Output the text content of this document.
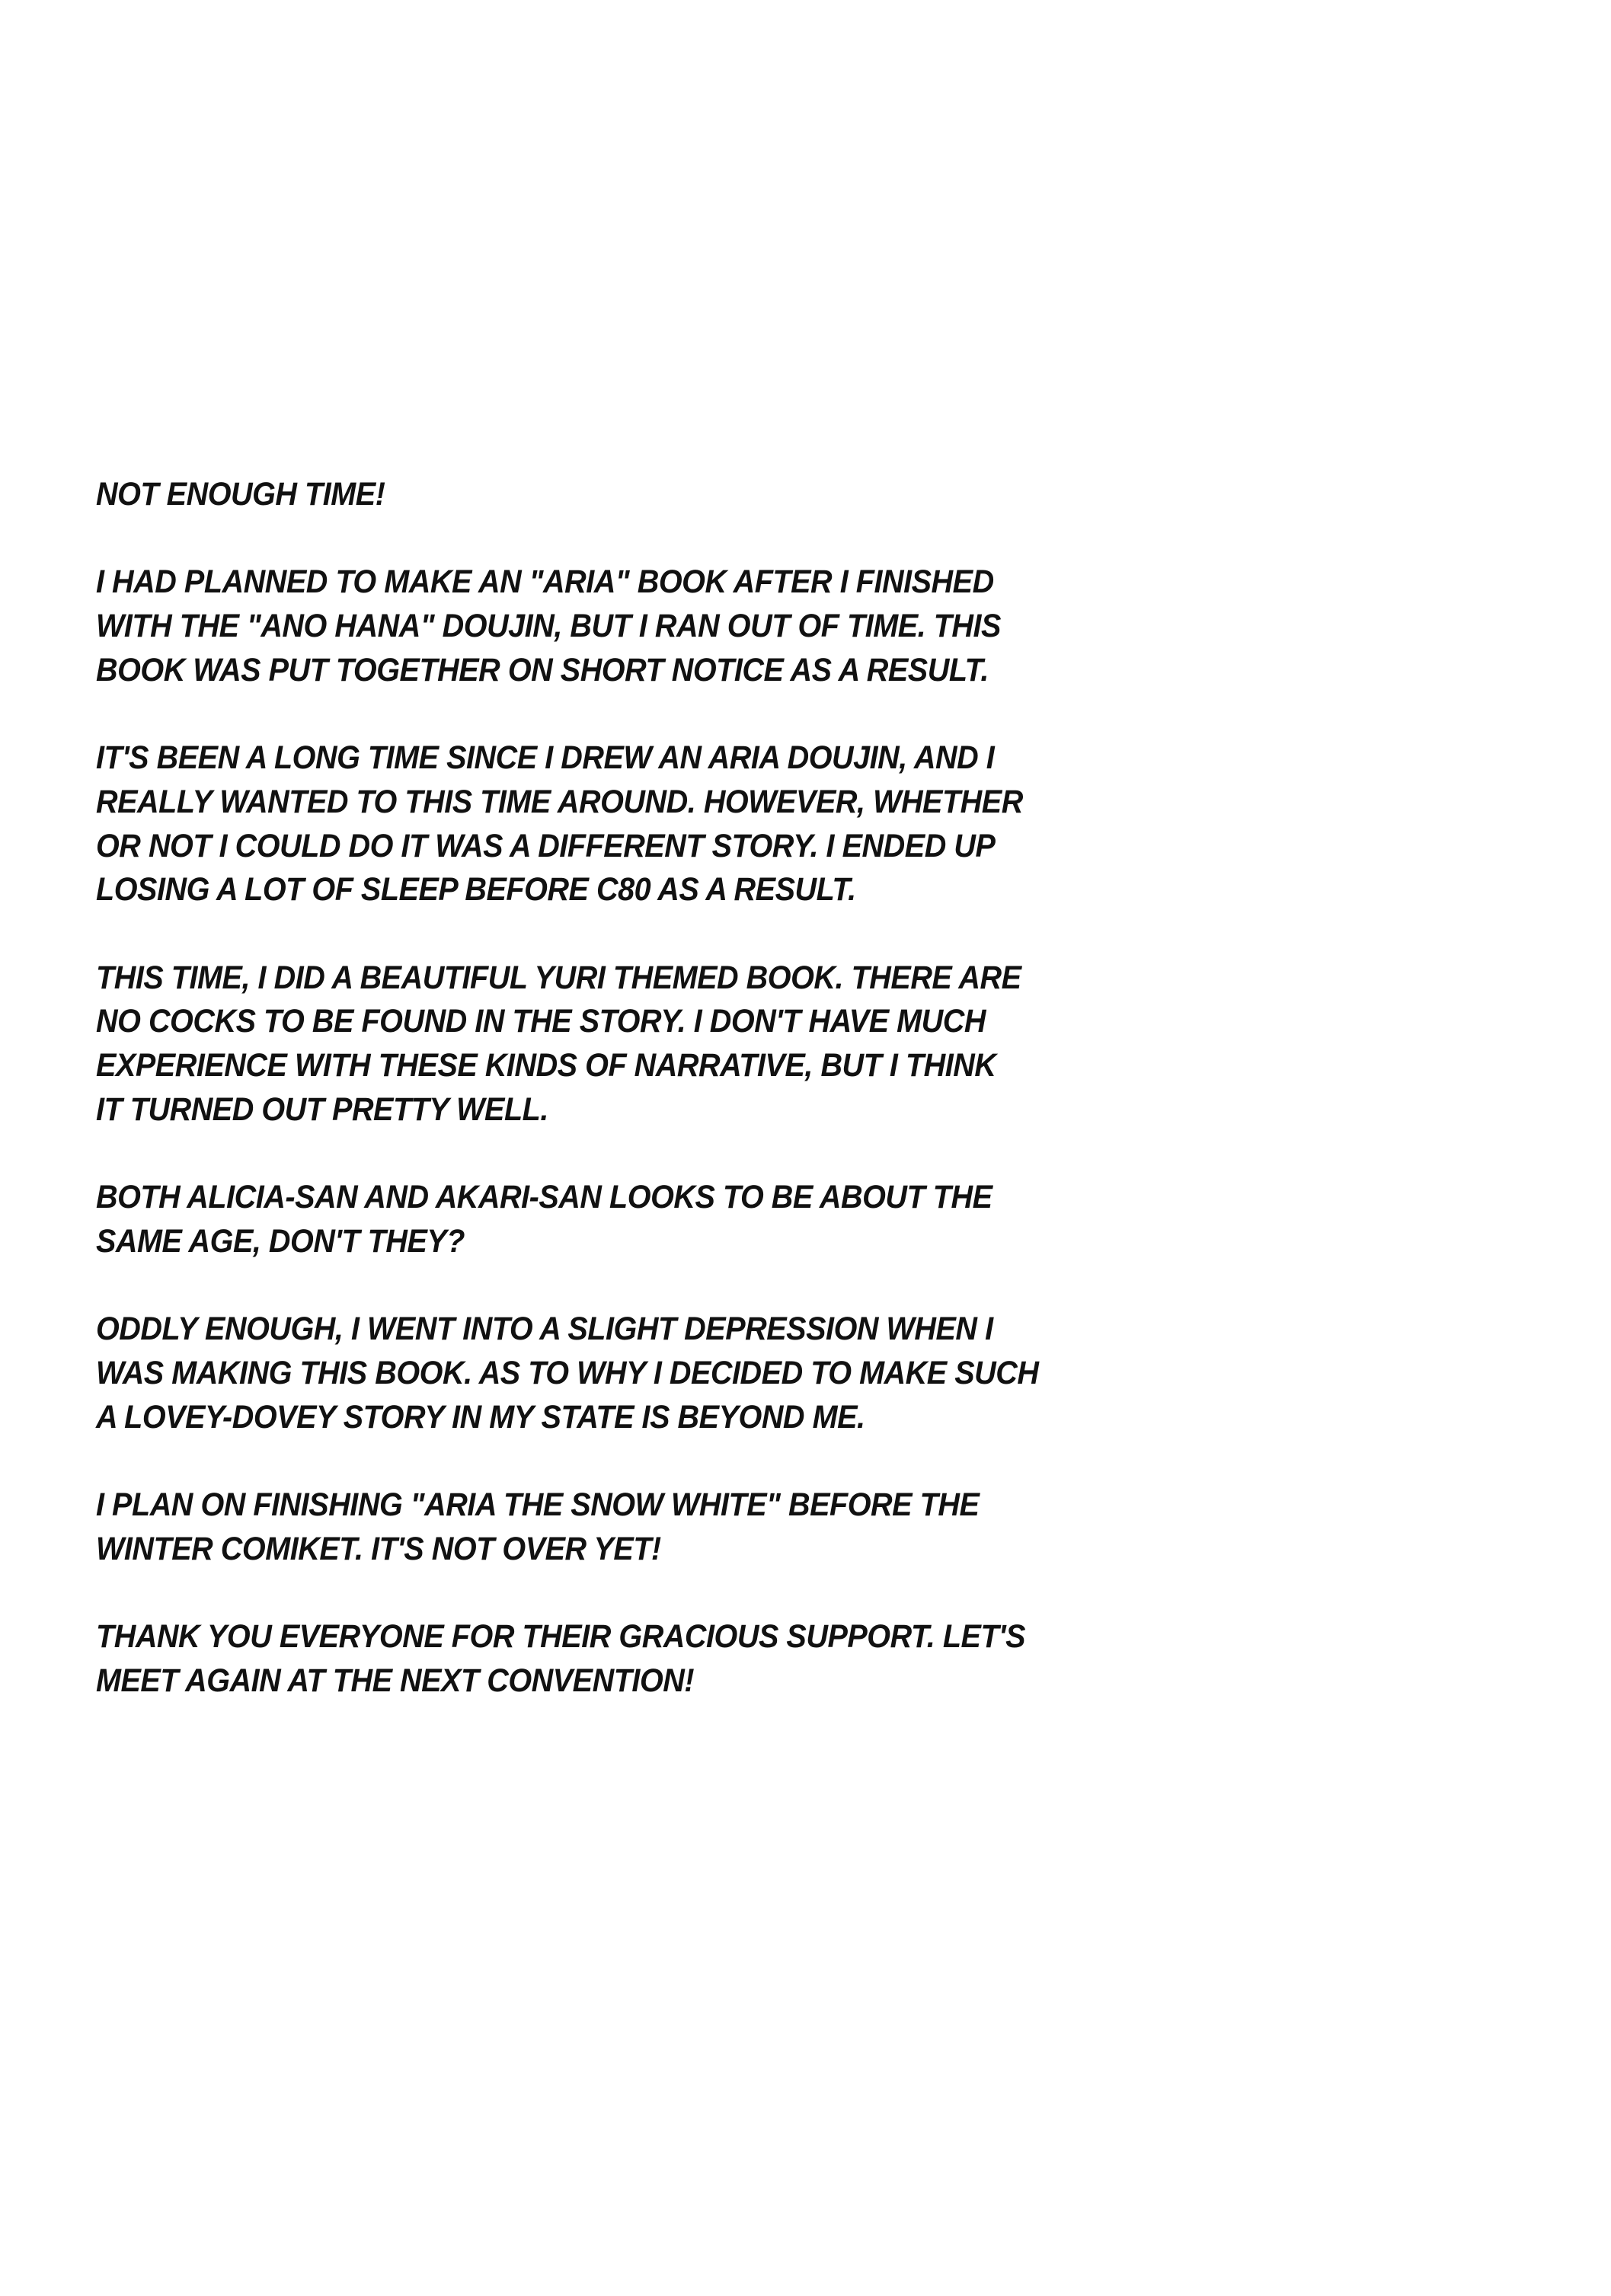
NOT ENOUGH TIME!
I HAD PLANNED TO MAKE AN "ARIA" BOOK AFTER I FINISHED
WITH THE "ANO HANA" DOUJIN, BUT I RAN OUT OF TIME. THIS
BOOK WAS PUT TOGETHER ON SHORT NOTICE AS A RESULT.
IT'S BEEN A LONG TIME SINCE I DREW AN ARIA DOUJIN, AND I
REALLY WANTED TO THIS TIME AROUND. HOWEVER, WHETHER
OR NOT I COULD DO IT WAS A DIFFERENT STORY. I ENDED UP
LOSING A LOT OF SLEEP BEFORE C80 AS A RESULT.
THIS TIME, I DID A BEAUTIFUL YURI THEMED BOOK. THERE ARE
NO COCKS TO BE FOUND IN THE STORY. I DON'T HAVE MUCH
EXPERIENCE WITH THESE KINDS OF NARRATIVE, BUT I THINK
IT TURNED OUT PRETTY WELL.
BOTH ALICIA-SAN AND AKARI-SAN LOOKS TO BE ABOUT THE
SAME AGE, DON'T THEY?
ODDLY ENOUGH, I WENT INTO A SLIGHT DEPRESSION WHEN I
WAS MAKING THIS BOOK. AS TO WHY I DECIDED TO MAKE SUCH
A LOVEY-DOVEY STORY IN MY STATE IS BEYOND ME.
I PLAN ON FINISHING "ARIA THE SNOW WHITE" BEFORE THE
WINTER COMIKET. IT'S NOT OVER YET!
THANK YOU EVERYONE FOR THEIR GRACIOUS SUPPORT. LET'S
MEET AGAIN AT THE NEXT CONVENTION!
